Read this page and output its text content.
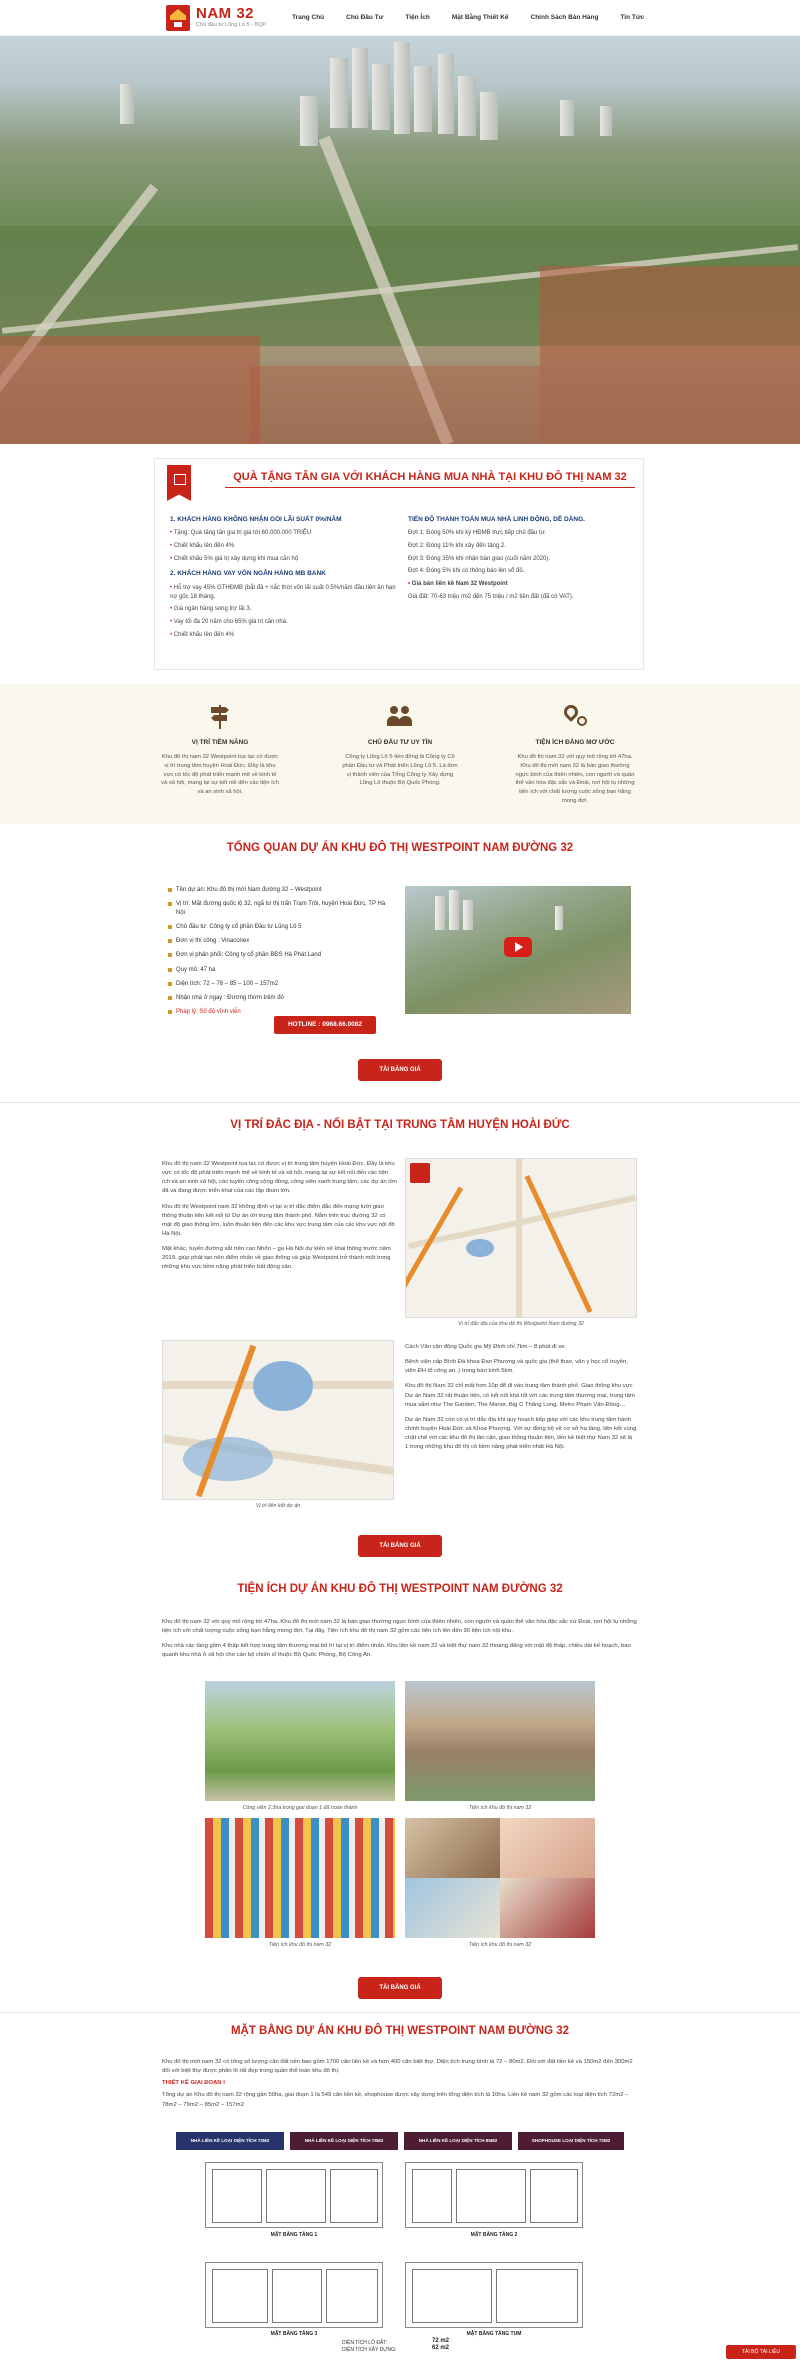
NAM 32
Chủ đầu tư Lũng Lô 5 - BQP
Trang Chủ	Chủ Đầu Tư	Tiện Ích	Mặt Bằng Thiết Kế	Chính Sách Bán Hàng	Tin Tức
QUÀ TẶNG TÂN GIA VỚI KHÁCH HÀNG MUA NHÀ TẠI KHU ĐÔ THỊ NAM 32
1. KHÁCH HÀNG KHÔNG NHẬN GÓI LÃI SUẤT 0%/NĂM
• Tặng: Quà tặng tân gia trị giá tới 60.000.000 TRIỆU
• Chiết khấu lên đến 4%
• Chiết khấu 5% giá trị xây dựng khi mua căn hộ
2. KHÁCH HÀNG VAY VỐN NGÂN HÀNG MB BANK
• Hỗ trợ vay 45% GTHĐMB (bắt đầ + nắc thời vốn lãi suất 0.5%/năm đầu tiên ân hạn nợ gốc 18 tháng.
• Giá ngân hàng song trợ lãi 3.
• Vay tối đa 20 năm cho 65% giá trị căn nhà.
• Chiết khấu lên đến 4%
TIẾN ĐỘ THANH TOÁN MUA NHÀ LINH ĐỘNG, DỄ DÀNG.
Đợt 1: Đóng 50% khi ký HĐMB trực tiếp chủ đầu tư.
Đợt 2: Đóng 11% khi xây đến tầng 2.
Đợt 3: Đóng 35% khi nhận bàn giao (cuối năm 2020).
Đợt 4: Đóng 5% khi có thông báo lên sổ đỏ.
• Giá bán liền kề Nam 32 Westpoint
Giá đất: 70-63 triệu /m2 đến 75 triệu / m2 tiền đất (đã có VAT).
VỊ TRÍ TIỀM NĂNG

Khu đô thị nam 32 Westpoint tọa lạc có được vị trí trung tâm huyện Hoài Đức. Đây là khu vực có tốc độ phát triển mạnh mẽ về kinh tế và xã hội, mang lại sự kết nối đến các tiện ích và an sinh xã hội.

CHỦ ĐẦU TƯ UY TÍN

Công ty Lũng Lô 5 tiền đồng là Công ty Cổ phần Đầu tư và Phát triển Lũng Lô 5. Là đơn vị thành viên của Tổng Công ty Xây dựng Lũng Lô thuộc Bộ Quốc Phòng.

TIỆN ÍCH ĐẲNG MƠ ƯỚC

Khu đô thị nam 32 với quy mô rộng tới 47ha. Khu đô thị mới nam 32 là bán giao thường ngực bình của thiên nhiên, con người và quần thể văn hóa đặc sắc và Đoài, nơi hội tụ những tiện ích với chất lượng cuộc sống bạn hằng mong đợi.

TỔNG QUAN DỰ ÁN KHU ĐÔ THỊ WESTPOINT NAM ĐƯỜNG 32
Tên dự án: Khu đô thị mới Nam đường 32 – Westpoint
Vị trí: Mặt đường quốc lộ 32, ngã tư thị trấn Trạm Trôi, huyện Hoài Đức, TP Hà Nội
Chủ đầu tư: Công ty cổ phần Đầu tư Lũng Lô 5
Đơn vị thi công : Vinaconex
Đơn vị phân phối: Công ty cổ phần BĐS Hà Phát Land
Quy mô: 47 ha
Diện tích: 72 – 78 – 85 – 100 – 157m2
Nhận nhà ở ngay : Đương thơm trêm đó
Pháp lý: Sổ đỏ vĩnh viễn
HOTLINE : 0968.66.0082
TẢI BẢNG GIÁ
VỊ TRÍ ĐẮC ĐỊA - NỐI BẬT TẠI TRUNG TÂM HUYỆN HOÀI ĐỨC

Khu đô thị nam 32 Westpoint tọa lạc có được vị trí trung tâm huyện Hoài Đức. Đây là khu vực có tốc độ phát triển mạnh mẽ về kinh tế và xã hội, mang lại sự kết nối đến các tiện ích và an sinh xã hội, các tuyến công cộng đồng, công viên xanh trung tâm, các dự án lớn đã và đang được triển khai của các tập đoàn lớn.

Khu đô thị Westpoint nam 32 không định vị tại vị trí đắc điểm đắc đến mạng lưới giao thông thuận tiện kết nối từ Dự án tới trung tâm thành phố. Nằm trên trục đường 32 có mật độ giao thông lớn, luôn thuận tiện đến các khu vực trung tâm của các khu vực nội đô Hà Nội.

Mặt khác, tuyến đường sắt trên cao Nhổn – ga Hà Nội dự kiến sẽ khai thông trước năm 2019, giúp phát tạo nên điểm nhấn về giao thông và giúp Westpoint trở thành một trong những khu vực tiềm năng phát triển bất động sản.

Vị trí đắc địa của khu đô thị Westpoint Nam đường 32
Vị trí liên kết dự án

Cách Văn vận động Quốc gia Mỹ Đình chỉ 7km – 8 phút đi xe.

Bệnh viện cấp Bình Đà khoa Đan Phượng và quốc gia (thể thao, văn y học cổ truyền, viện ĐH tổ công an..) trong bán kính 5km.

Khu đô thị Nam 32 chỉ mất hơn 10p để đi vào trung tâm thành phố. Giao thông khu vực Dự án Nam 32 rất thuận tiện, có kết nối khá tốt với các trung tâm thương mại, trung tâm mua sắm như The Garden, The Manor, Big C Thăng Long, Metro Phạm Văn Đồng…

Dự án Nam 32 còn có vị trí đắc địa khi quy hoạch tiếp giáp với các khu trung tâm hành chính huyện Hoài Đức và Khoa Phượng. Với sự đồng bộ về cơ sở hạ tầng, liên kết vùng chặt chẽ với các khu đô thị lân cận, giao thông thuận tiện, liền kề biệt thự Nam 32 sẽ là 1 trong những khu đô thị có tiềm năng phát triển nhất Hà Nội.

TẢI BẢNG GIÁ
TIỆN ÍCH DỰ ÁN KHU ĐÔ THỊ WESTPOINT NAM ĐƯỜNG 32

Khu đô thị nam 32 với quy mô rộng tới 47ha. Khu đô thị mới nam 32 là bán giao thường ngực bình của thiên nhiên, con người và quần thể văn hóa đặc sắc xứ Đoài, nơi hội tụ những tiện ích với chất lượng cuộc sống bạn hằng mong đợi. Tại đây, Tiện ích khu đô thị nam 32 gồm các tiện ích lên đến 90 tiện ích nội khu.

Khu nhà các tầng gồm 4 thấp kết hợp trung tâm thương mại bố trí tại vị trí điểm nhấn. Khu liền kề nam 32 và biệt thự nam 32 thoáng đãng với mật độ thấp, chiều dài kế hoạch, bao quanh khu nhà ở xã hội cho cán bộ chiến sĩ thuộc Bộ Quốc Phòng, Bộ Công An.

Công viên 2,3ha trong giai đoạn 1 đã hoàn thành	Tiện ích khu đô thị nam 32
Tiện ích khu đô thị nam 32	Tiện ích khu đô thị nam 32
TẢI BẢNG GIÁ
MẶT BẰNG DỰ ÁN KHU ĐÔ THỊ WESTPOINT NAM ĐƯỜNG 32

Khu đô thị mới nam 32 có tổng số lượng căn đất nền bao gồm 1700 căn liền kề và hơn 400 căn biệt thự. Diện tích trung bình là 72 – 80m2. Đối với đất liền kề và 150m2 đến 300m2 đối với biệt thự được phân lô rất đẹp trong quần thể toàn khu đô thị.

THIẾT KẾ GIAI ĐOẠN I

Tổng dự án Khu đô thị nam 32 rộng gần 50ha, giai đoạn 1 là 549 căn liền kề, shophouse được xây dựng trên tổng diện tích là 10ha. Liền kề nam 32 gồm các loại diện tích 72m2 – 78m2 – 79m2 – 85m2 – 157m2

NHÀ LIỀN KỀ LOẠI DIỆN TÍCH 72M2	NHÀ LIỀN KỀ LOẠI DIỆN TÍCH 78M2	NHÀ LIỀN KỀ LOẠI DIỆN TÍCH 85M2	SHOPHOUSE LOẠI DIỆN TÍCH 72M2
MẶT BẰNG TẦNG 1	MẶT BẰNG TẦNG 2
MẶT BẰNG TẦNG 3	MẶT BẰNG TẦNG TUM
DIỆN TÍCH LÔ ĐẤT:
DIỆN TÍCH XÂY DỰNG:
72 m2
62 m2
TẢI BỘ TÀI LIỆU
